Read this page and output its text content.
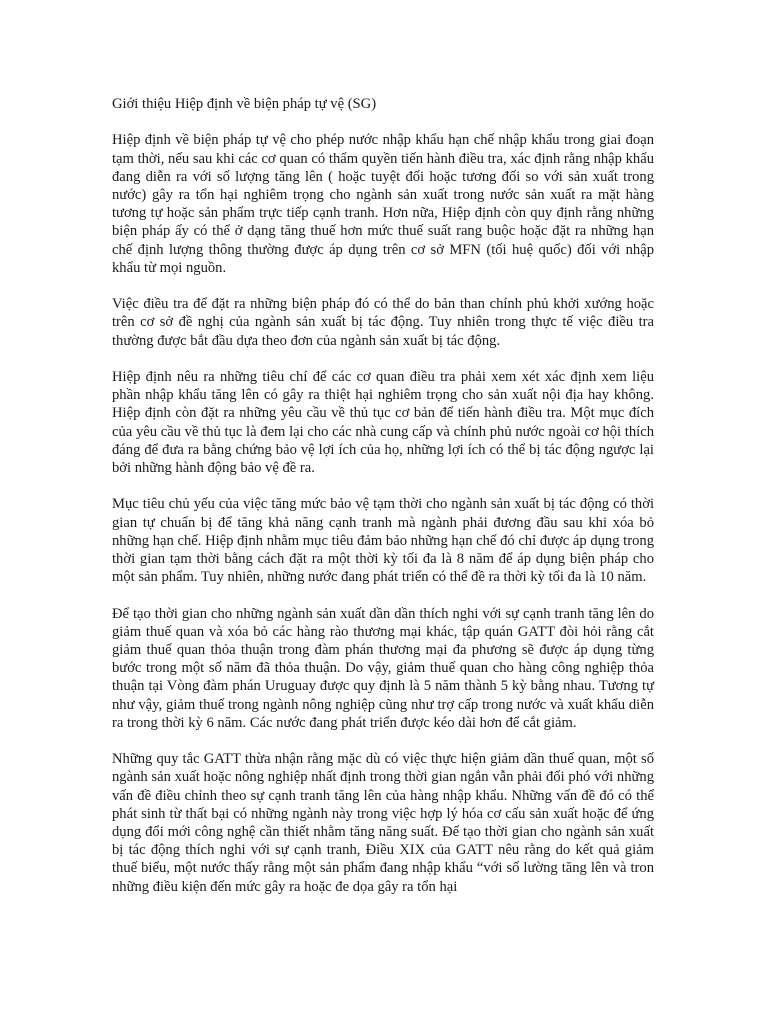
Giới thiệu Hiệp định về biện pháp tự vệ (SG)

Hiệp định về biện pháp tự vệ cho phép nước nhập khẩu hạn chế nhập khẩu trong giai đoạn tạm thời, nếu sau khi các cơ quan có thẩm quyền tiến hành điều tra, xác định rằng nhập khẩu đang diễn ra với số lượng tăng lên ( hoặc tuyệt đối hoặc tương đối so với sản xuất trong nước) gây ra tổn hại nghiêm trọng cho ngành sản xuất trong nước sản xuất ra mặt hàng tương tự hoặc sản phẩm trực tiếp cạnh tranh. Hơn nữa, Hiệp định còn quy định rằng những biện pháp ấy có thể ở dạng tăng thuế hơn mức thuế suất rang buộc hoặc đặt ra những hạn chế định lượng thông thường được áp dụng trên cơ sở MFN (tối huệ quốc) đối với nhập khẩu từ mọi nguồn.

Việc điều tra để đặt ra những biện pháp đó có thể do bản than chính phủ khởi xướng hoặc trên cơ sở đề nghị của ngành sản xuất bị tác động. Tuy nhiên trong thực tế việc điều tra thường được bắt đầu dựa theo đơn của ngành sản xuất bị tác động.

Hiệp định nêu ra những tiêu chí để các cơ quan điều tra phải xem xét xác định xem liệu phần nhập khẩu tăng lên có gây ra thiệt hại nghiêm trọng cho sản xuất nội địa hay không. Hiệp định còn đặt ra những yêu cầu về thủ tục cơ bản để tiến hành điều tra. Một mục đích của yêu cầu về thủ tục là đem lại cho các nhà cung cấp và chính phủ nước ngoài cơ hội thích đáng để đưa ra bằng chứng bảo vệ lợi ích của họ, những lợi ích có thể bị tác động ngược lại bởi những hành động bảo vệ đề ra.

Mục tiêu chủ yếu của việc tăng mức bảo vệ tạm thời cho ngành sản xuất bị tác động có thời gian tự chuẩn bị để tăng khả năng cạnh tranh mà ngành phải đương đầu sau khi xóa bỏ những hạn chế. Hiệp định nhằm mục tiêu đảm bảo những hạn chế đó chỉ được áp dụng trong thời gian tạm thời bằng cách đặt ra một thời kỳ tối đa là 8 năm để áp dụng biện pháp cho một sản phẩm. Tuy nhiên, những nước đang phát triển có thể đề ra thời kỳ tối đa là 10 năm.

Để tạo thời gian cho những ngành sản xuất dần dần thích nghi với sự cạnh tranh tăng lên do giảm thuế quan và xóa bỏ các hàng rào thương mại khác, tập quán GATT đòi hỏi rằng cắt giảm thuế quan thỏa thuận trong đàm phán thương mại đa phương sẽ được áp dụng từng bước trong một số năm đã thỏa thuận. Do vậy, giảm thuế quan cho hàng công nghiệp thỏa thuận tại Vòng đàm phán Uruguay được quy định là 5 năm thành 5 kỳ bằng nhau. Tương tự như vậy, giảm thuế trong ngành nông nghiệp cũng như trợ cấp trong nước và xuất khẩu diễn ra trong thời kỳ 6 năm. Các nước đang phát triển được kéo dài hơn để cắt giảm.

Những quy tắc GATT thừa nhận rằng mặc dù có việc thực hiện giảm dần thuế quan, một số ngành sản xuất hoặc nông nghiệp nhất định trong thời gian ngắn vẫn phải đối phó với những vấn đề điều chỉnh theo sự cạnh tranh tăng lên của hàng nhập khẩu. Những vấn đề đó có thể phát sinh từ thất bại có những ngành này trong việc hợp lý hóa cơ cấu sản xuất hoặc để ứng dụng đổi mới công nghệ cần thiết nhằm tăng năng suất. Để tạo thời gian cho ngành sản xuất bị tác động thích nghi với sự cạnh tranh, Điều XIX của GATT nêu rằng do kết quả giảm thuế biểu, một nước thấy rằng một sản phẩm đang nhập khẩu “với số lường tăng lên và tron những điều kiện đến mức gây ra hoặc đe dọa gây ra tổn hại
